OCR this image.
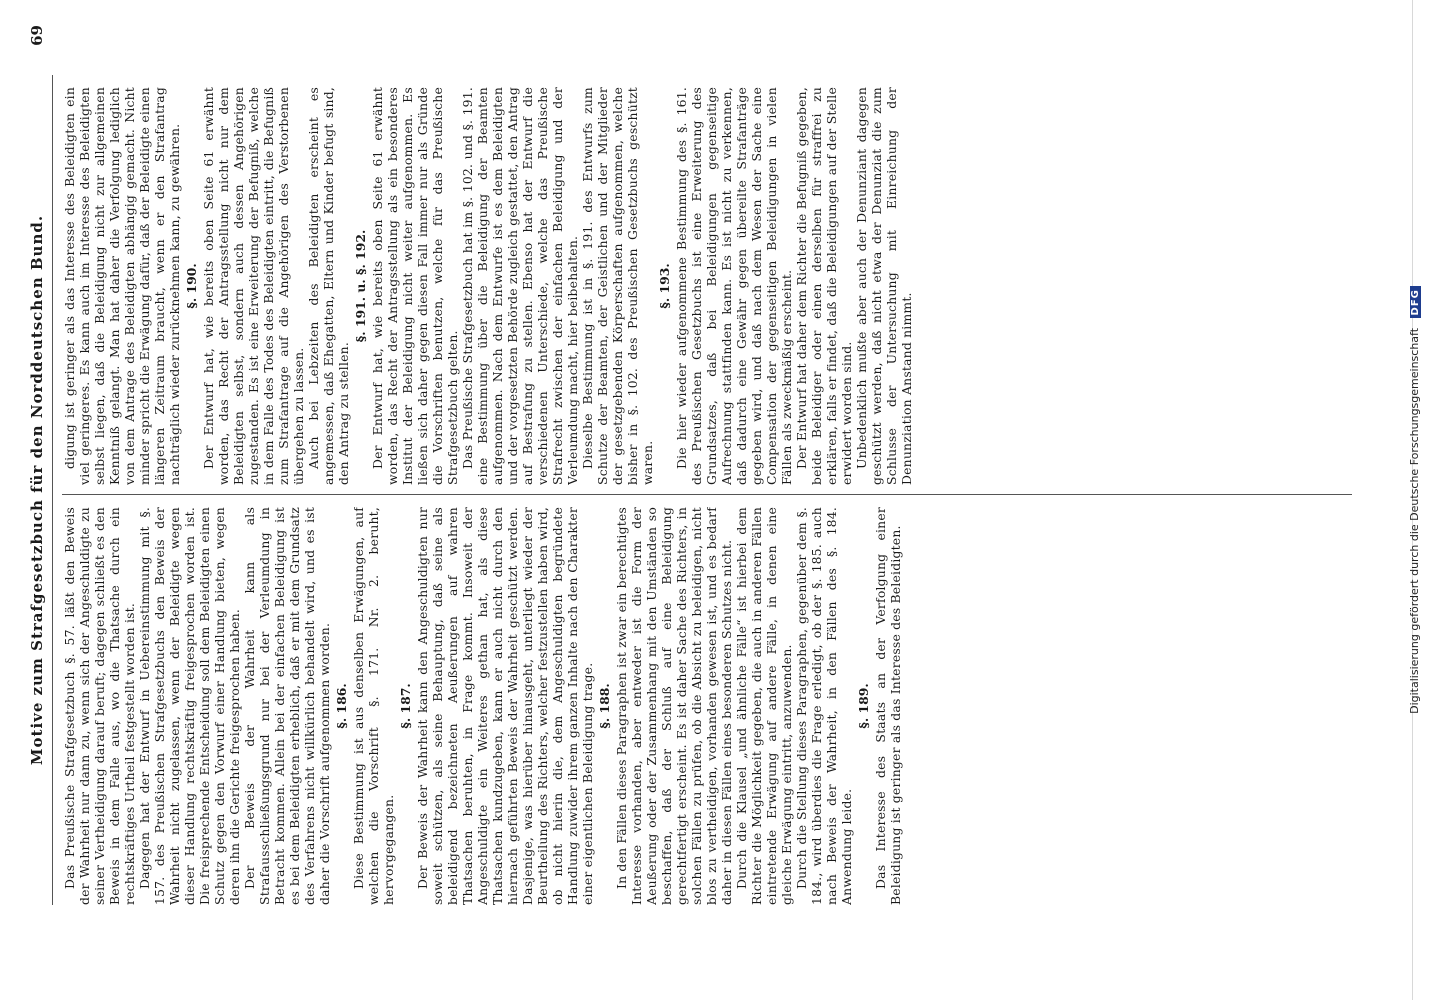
Motive zum Strafgesetzbuch für den Norddeutschen Bund.
69

Das Preußische Strafgesetzbuch §. 57. läßt den Beweis der Wahrheit nur dann zu, wenn sich der Angeschuldigte zu seiner Vertheidigung darauf beruft; dagegen schließt es den Beweis in dem Falle aus, wo die Thatsache durch ein rechtskräftiges Urtheil festgestellt worden ist. Dagegen hat der Entwurf in Uebereinstimmung mit §. 157. des Preußischen Strafgesetzbuchs den Beweis der Wahrheit nicht zugelassen, wenn der Beleidigte wegen dieser Handlung rechtskräftig freigesprochen worden ist. Die freisprechende Entscheidung soll dem Beleidigten einen Schutz gegen den Vorwurf einer Handlung bieten, wegen deren ihn die Gerichte freigesprochen haben. Der Beweis der Wahrheit kann als Strafausschließungsgrund nur bei der Verleumdung in Betracht kommen. Allein bei der einfachen Beleidigung ist es bei dem Beleidigten erheblich, daß er mit dem Grundsatz des Verfahrens nicht willkürlich behandelt wird, und es ist daher die Vorschrift aufgenommen worden. §. 186. Diese Bestimmung ist aus denselben Erwägungen, auf welchen die Vorschrift §. 171. Nr. 2. beruht, hervorgegangen.

§. 187. Der Beweis der Wahrheit kann den Angeschuldigten nur soweit schützen, als seine Behauptung, daß seine als beleidigend bezeichneten Aeußerungen auf wahren Thatsachen beruhten, in Frage kommt. Insoweit der Angeschuldigte ein Weiteres gethan hat, als diese Thatsachen kundzugeben, kann er auch nicht durch den hiernach geführten Beweis der Wahrheit geschützt werden. Dasjenige, was hierüber hinausgeht, unterliegt wieder der Beurtheilung des Richters, welcher festzustellen haben wird, ob nicht hierin die, dem Angeschuldigten begründete Handlung zuwider ihrem ganzen Inhalte nach den Charakter einer eigentlichen Beleidigung trage. §. 188. In den Fällen dieses Paragraphen ist zwar ein berechtigtes Interesse vorhanden, aber entweder ist die Form der Aeußerung oder der Zusammenhang mit den Umständen so beschaffen, daß der Schluß auf eine Beleidigung gerechtfertigt erscheint. Es ist daher Sache des Richters, in solchen Fällen zu prüfen, ob die Absicht zu beleidigen, nicht blos zu vertheidigen, vorhanden gewesen ist, und es bedarf daher in diesen Fällen eines besonderen Schutzes nicht. Durch die Klausel „und ähnliche Fälle“ ist hierbei dem Richter die Möglichkeit gegeben, die auch in anderen Fällen eintretende Erwägung auf andere Fälle, in denen eine gleiche Erwägung eintritt, anzuwenden. Durch die Stellung dieses Paragraphen, gegenüber dem §. 184., wird überdies die Frage erledigt, ob der §. 185. auch nach Beweis der Wahrheit, in den Fällen des §. 184. Anwendung leide.

§. 189. Das Interesse des Staats an der Verfolgung einer Beleidigung ist geringer als das Interesse des Beleidigten.

digung ist geringer als das Interesse des Beleidigten ein viel geringeres. Es kann auch im Interesse des Beleidigten selbst liegen, daß die Beleidigung nicht zur allgemeinen Kenntniß gelangt. Man hat daher die Verfolgung lediglich von dem Antrage des Beleidigten abhängig gemacht. Nicht minder spricht die Erwägung dafür, daß der Beleidigte einen längeren Zeitraum braucht, wenn er den Strafantrag nachträglich wieder zurücknehmen kann, zu gewähren. §. 190. Der Entwurf hat, wie bereits oben Seite 61 erwähnt worden, das Recht der Antragsstellung nicht nur dem Beleidigten selbst, sondern auch dessen Angehörigen zugestanden. Es ist eine Erweiterung der Befugniß, welche in dem Falle des Todes des Beleidigten eintritt, die Befugniß zum Strafantrage auf die Angehörigen des Verstorbenen übergehen zu lassen. Auch bei Lebzeiten des Beleidigten erscheint es angemessen, daß Ehegatten, Eltern und Kinder befugt sind, den Antrag zu stellen.

§. 191. u. §. 192. Der Entwurf hat, wie bereits oben Seite 61 erwähnt worden, das Recht der Antragsstellung als ein besonderes Institut der Beleidigung nicht weiter aufgenommen. Es ließen sich daher gegen diesen Fall immer nur als Gründe die Vorschriften benutzen, welche für das Preußische Strafgesetzbuch gelten. Das Preußische Strafgesetzbuch hat im §. 102. und §. 191. eine Bestimmung über die Beleidigung der Beamten aufgenommen. Nach dem Entwurfe ist es dem Beleidigten und der vorgesetzten Behörde zugleich gestattet, den Antrag auf Bestrafung zu stellen. Ebenso hat der Entwurf die verschiedenen Unterschiede, welche das Preußische Strafrecht zwischen der einfachen Beleidigung und der Verleumdung macht, hier beibehalten. Dieselbe Bestimmung ist in §. 191. des Entwurfs zum Schutze der Beamten, der Geistlichen und der Mitglieder der gesetzgebenden Körperschaften aufgenommen, welche bisher in §. 102. des Preußischen Gesetzbuchs geschützt waren.

§. 193. Die hier wieder aufgenommene Bestimmung des §. 161. des Preußischen Gesetzbuchs ist eine Erweiterung des Grundsatzes, daß bei Beleidigungen gegenseitige Aufrechnung stattfinden kann. Es ist nicht zu verkennen, daß dadurch eine Gewähr gegen übereilte Strafanträge gegeben wird, und daß nach dem Wesen der Sache eine Compensation der gegenseitigen Beleidigungen in vielen Fällen als zweckmäßig erscheint. Der Entwurf hat daher dem Richter die Befugniß gegeben, beide Beleidiger oder einen derselben für straffrei zu erklären, falls er findet, daß die Beleidigungen auf der Stelle erwidert worden sind. Unbedenklich mußte aber auch der Denunziant dagegen geschützt werden, daß nicht etwa der Denunziat die zum Schlusse der Untersuchung mit Einreichung der Denunziation Anstand nimmt.	Digitalisierung gefördert durch die Deutsche Forschungsgemeinschaft DFG
